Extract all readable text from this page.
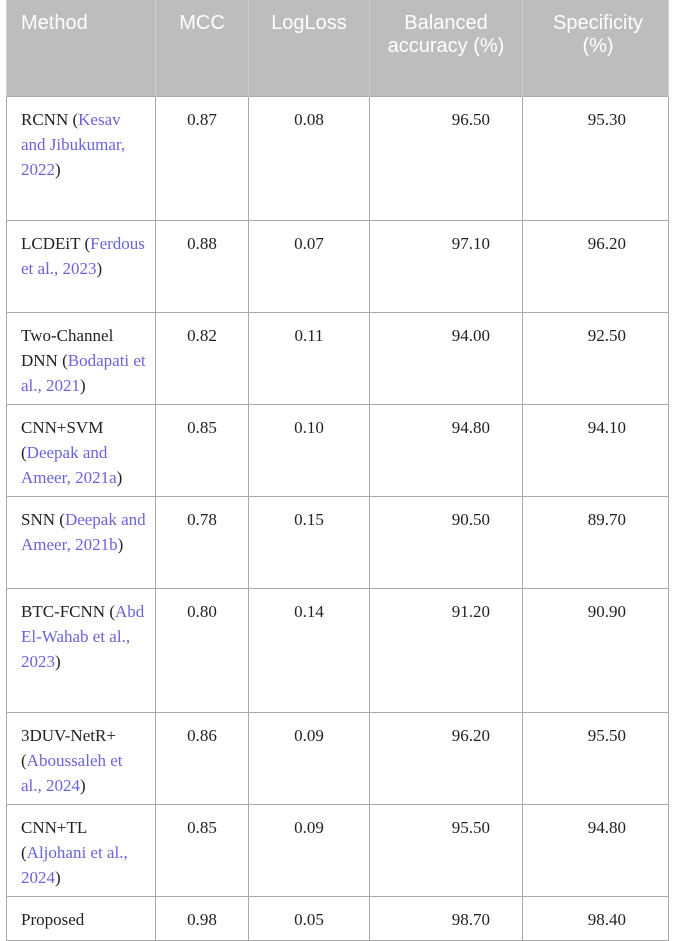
Method	MCC	LogLoss	Balanced accuracy (%)	Specificity (%)
RCNN (Kesav and Jibukumar, 2022)	0.87	0.08	96.50	95.30
LCDEiT (Ferdous et al., 2023)	0.88	0.07	97.10	96.20
Two-Channel DNN (Bodapati et al., 2021)	0.82	0.11	94.00	92.50
CNN+SVM (Deepak and Ameer, 2021a)	0.85	0.10	94.80	94.10
SNN (Deepak and Ameer, 2021b)	0.78	0.15	90.50	89.70
BTC-FCNN (Abd El-Wahab et al., 2023)	0.80	0.14	91.20	90.90
3DUV-NetR+ (Aboussaleh et al., 2024)	0.86	0.09	96.20	95.50
CNN+TL (Aljohani et al., 2024)	0.85	0.09	95.50	94.80
Proposed	0.98	0.05	98.70	98.40
